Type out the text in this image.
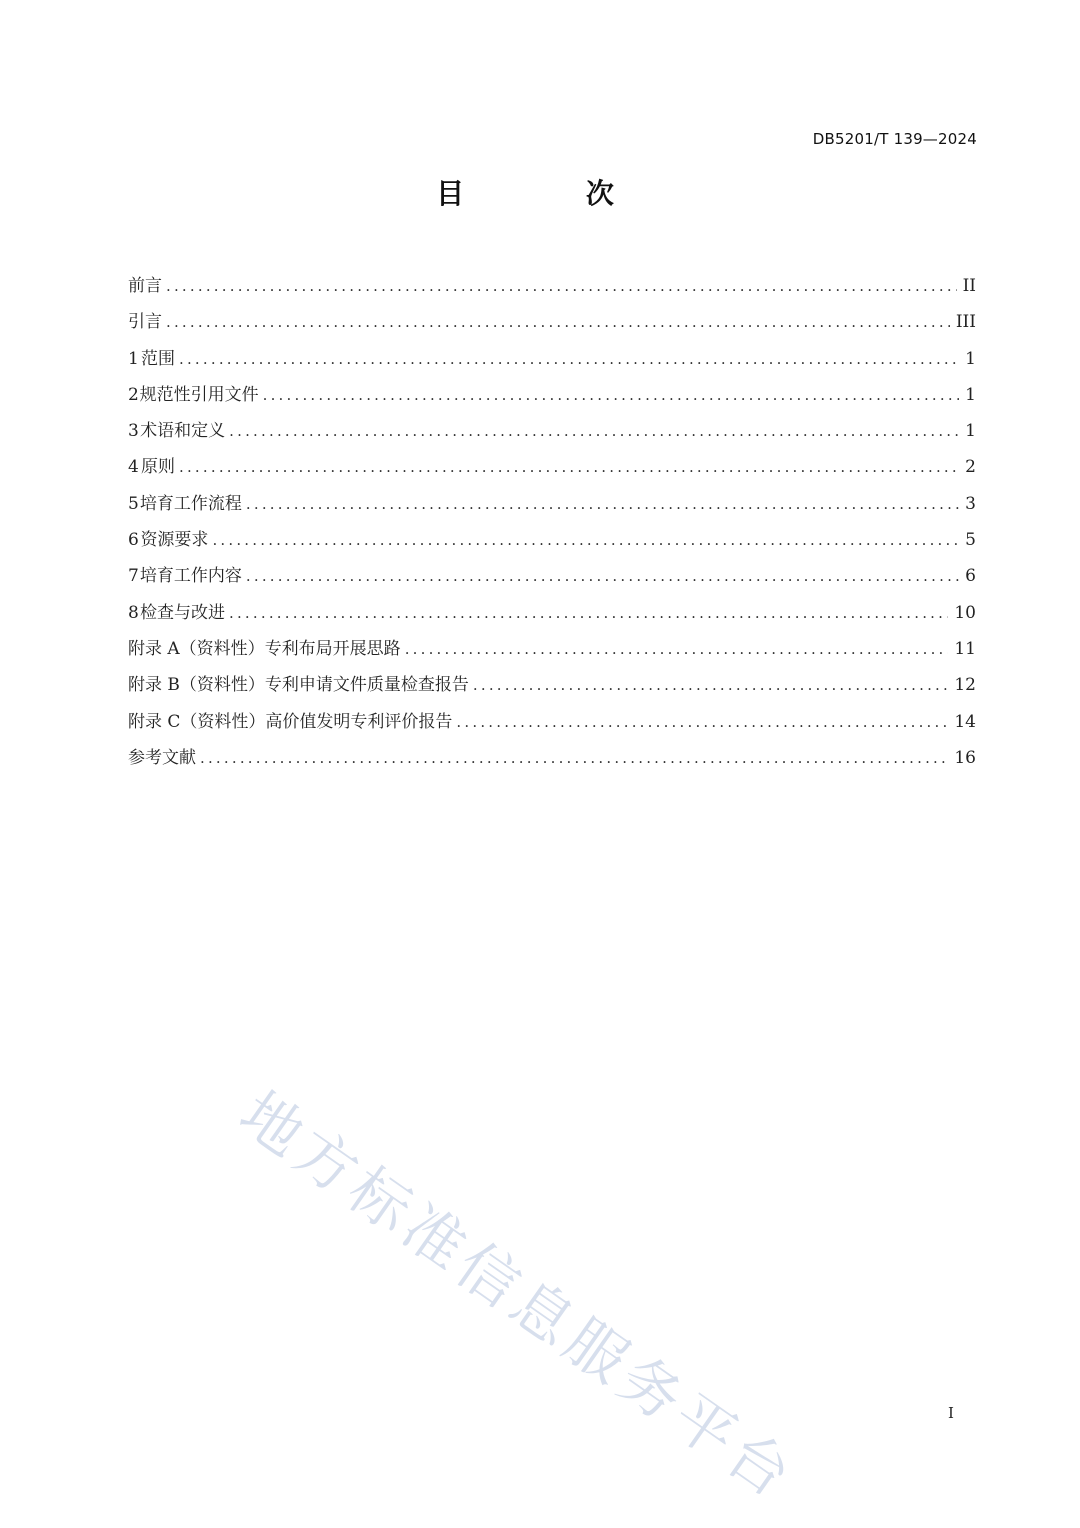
DB5201/T 139—2024
目 次
前言 .....	II
引言 .....	III
1 范围 .....	1
2 规范性引用文件 .....	1
3 术语和定义 .....	1
4 原则 .....	2
5 培育工作流程 .....	3
6 资源要求 .....	5
7 培育工作内容 .....	6
8 检查与改进 .....	10
附录 A（资料性） 专利布局开展思路 .....	11
附录 B（资料性） 专利申请文件质量检查报告 .....	12
附录 C（资料性） 高价值发明专利评价报告 .....	14
参考文献 .....	16
地方标准信息服务平台	I
